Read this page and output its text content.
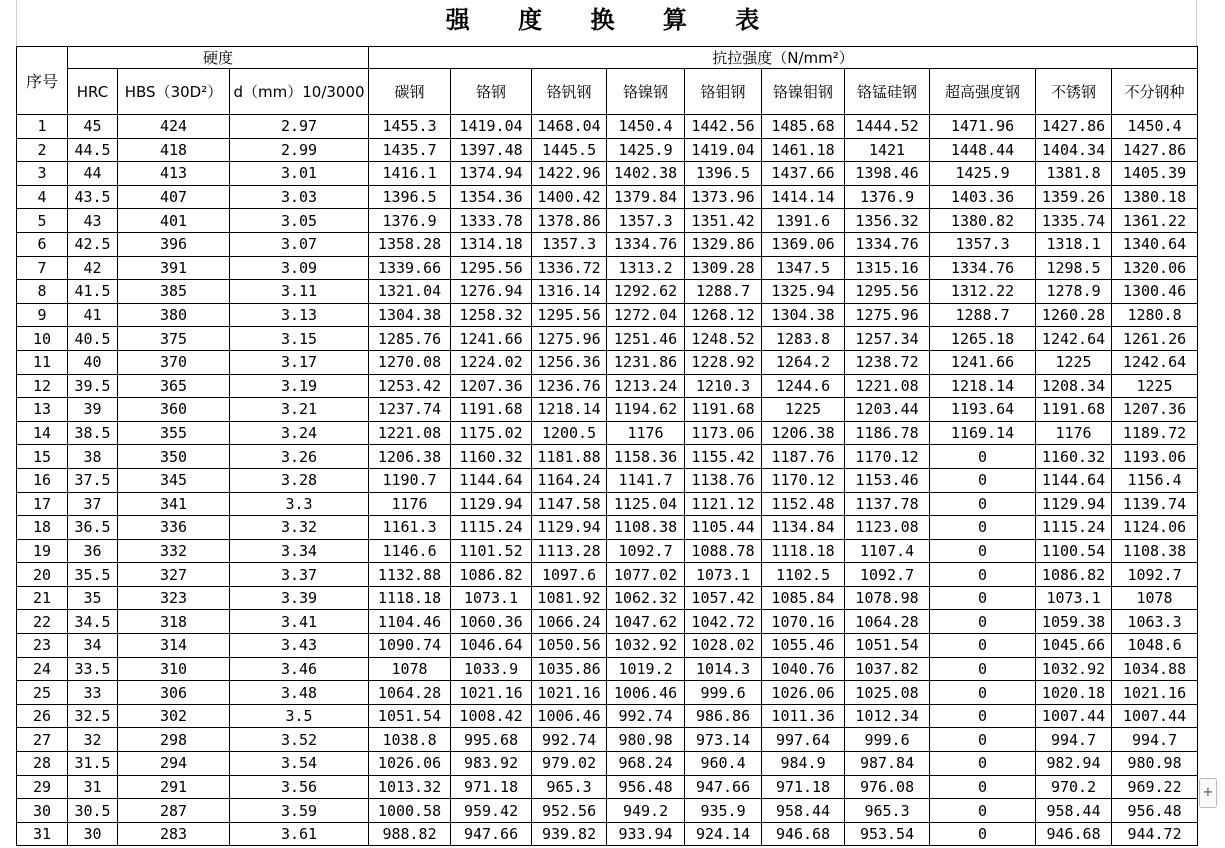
强 度 换 算 表
序号	硬度			抗拉强度（N/mm²）									
	HRC	HBS（30D²）	d（mm）10/3000	碳钢	铬钢	铬钒钢	铬镍钢	铬钼钢	铬镍钼钢	铬锰硅钢	超高强度钢	不锈钢	不分钢种
1	45	424	2.97	1455.3	1419.04	1468.04	1450.4	1442.56	1485.68	1444.52	1471.96	1427.86	1450.4
2	44.5	418	2.99	1435.7	1397.48	1445.5	1425.9	1419.04	1461.18	1421	1448.44	1404.34	1427.86
3	44	413	3.01	1416.1	1374.94	1422.96	1402.38	1396.5	1437.66	1398.46	1425.9	1381.8	1405.39
4	43.5	407	3.03	1396.5	1354.36	1400.42	1379.84	1373.96	1414.14	1376.9	1403.36	1359.26	1380.18
5	43	401	3.05	1376.9	1333.78	1378.86	1357.3	1351.42	1391.6	1356.32	1380.82	1335.74	1361.22
6	42.5	396	3.07	1358.28	1314.18	1357.3	1334.76	1329.86	1369.06	1334.76	1357.3	1318.1	1340.64
7	42	391	3.09	1339.66	1295.56	1336.72	1313.2	1309.28	1347.5	1315.16	1334.76	1298.5	1320.06
8	41.5	385	3.11	1321.04	1276.94	1316.14	1292.62	1288.7	1325.94	1295.56	1312.22	1278.9	1300.46
9	41	380	3.13	1304.38	1258.32	1295.56	1272.04	1268.12	1304.38	1275.96	1288.7	1260.28	1280.8
10	40.5	375	3.15	1285.76	1241.66	1275.96	1251.46	1248.52	1283.8	1257.34	1265.18	1242.64	1261.26
11	40	370	3.17	1270.08	1224.02	1256.36	1231.86	1228.92	1264.2	1238.72	1241.66	1225	1242.64
12	39.5	365	3.19	1253.42	1207.36	1236.76	1213.24	1210.3	1244.6	1221.08	1218.14	1208.34	1225
13	39	360	3.21	1237.74	1191.68	1218.14	1194.62	1191.68	1225	1203.44	1193.64	1191.68	1207.36
14	38.5	355	3.24	1221.08	1175.02	1200.5	1176	1173.06	1206.38	1186.78	1169.14	1176	1189.72
15	38	350	3.26	1206.38	1160.32	1181.88	1158.36	1155.42	1187.76	1170.12	0	1160.32	1193.06
16	37.5	345	3.28	1190.7	1144.64	1164.24	1141.7	1138.76	1170.12	1153.46	0	1144.64	1156.4
17	37	341	3.3	1176	1129.94	1147.58	1125.04	1121.12	1152.48	1137.78	0	1129.94	1139.74
18	36.5	336	3.32	1161.3	1115.24	1129.94	1108.38	1105.44	1134.84	1123.08	0	1115.24	1124.06
19	36	332	3.34	1146.6	1101.52	1113.28	1092.7	1088.78	1118.18	1107.4	0	1100.54	1108.38
20	35.5	327	3.37	1132.88	1086.82	1097.6	1077.02	1073.1	1102.5	1092.7	0	1086.82	1092.7
21	35	323	3.39	1118.18	1073.1	1081.92	1062.32	1057.42	1085.84	1078.98	0	1073.1	1078
22	34.5	318	3.41	1104.46	1060.36	1066.24	1047.62	1042.72	1070.16	1064.28	0	1059.38	1063.3
23	34	314	3.43	1090.74	1046.64	1050.56	1032.92	1028.02	1055.46	1051.54	0	1045.66	1048.6
24	33.5	310	3.46	1078	1033.9	1035.86	1019.2	1014.3	1040.76	1037.82	0	1032.92	1034.88
25	33	306	3.48	1064.28	1021.16	1021.16	1006.46	999.6	1026.06	1025.08	0	1020.18	1021.16
26	32.5	302	3.5	1051.54	1008.42	1006.46	992.74	986.86	1011.36	1012.34	0	1007.44	1007.44
27	32	298	3.52	1038.8	995.68	992.74	980.98	973.14	997.64	999.6	0	994.7	994.7
28	31.5	294	3.54	1026.06	983.92	979.02	968.24	960.4	984.9	987.84	0	982.94	980.98
29	31	291	3.56	1013.32	971.18	965.3	956.48	947.66	971.18	976.08	0	970.2	969.22
30	30.5	287	3.59	1000.58	959.42	952.56	949.2	935.9	958.44	965.3	0	958.44	956.48
31	30	283	3.61	988.82	947.66	939.82	933.94	924.14	946.68	953.54	0	946.68	944.72
+
